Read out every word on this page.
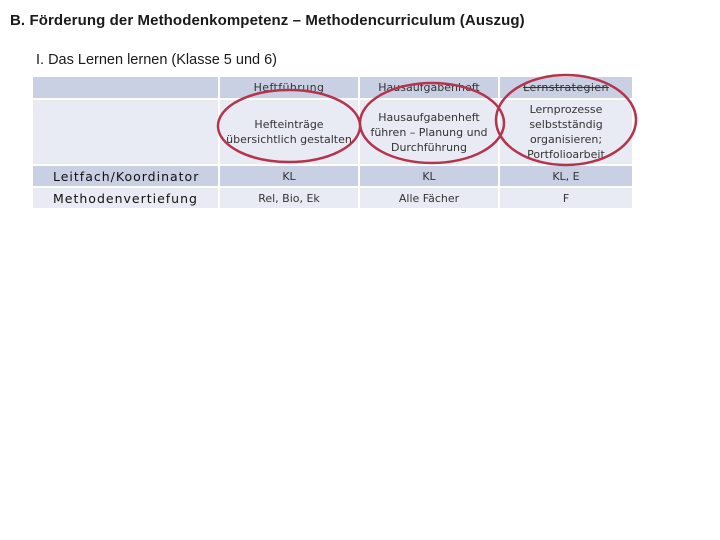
B. Förderung der Methodenkompetenz – Methodencurriculum (Auszug)
I. Das Lernen lernen (Klasse 5 und 6)
	Heftführung	Hausaufgabenheft	Lernstrategien
	Hefteinträge übersichtlich gestalten	Hausaufgabenheft führen – Planung und Durchführung	Lernprozesse selbstständig organisieren; Portfolioarbeit
Leitfach/Koordinator	KL	KL	KL, E
Methodenvertiefung	Rel, Bio, Ek	Alle Fächer	F
